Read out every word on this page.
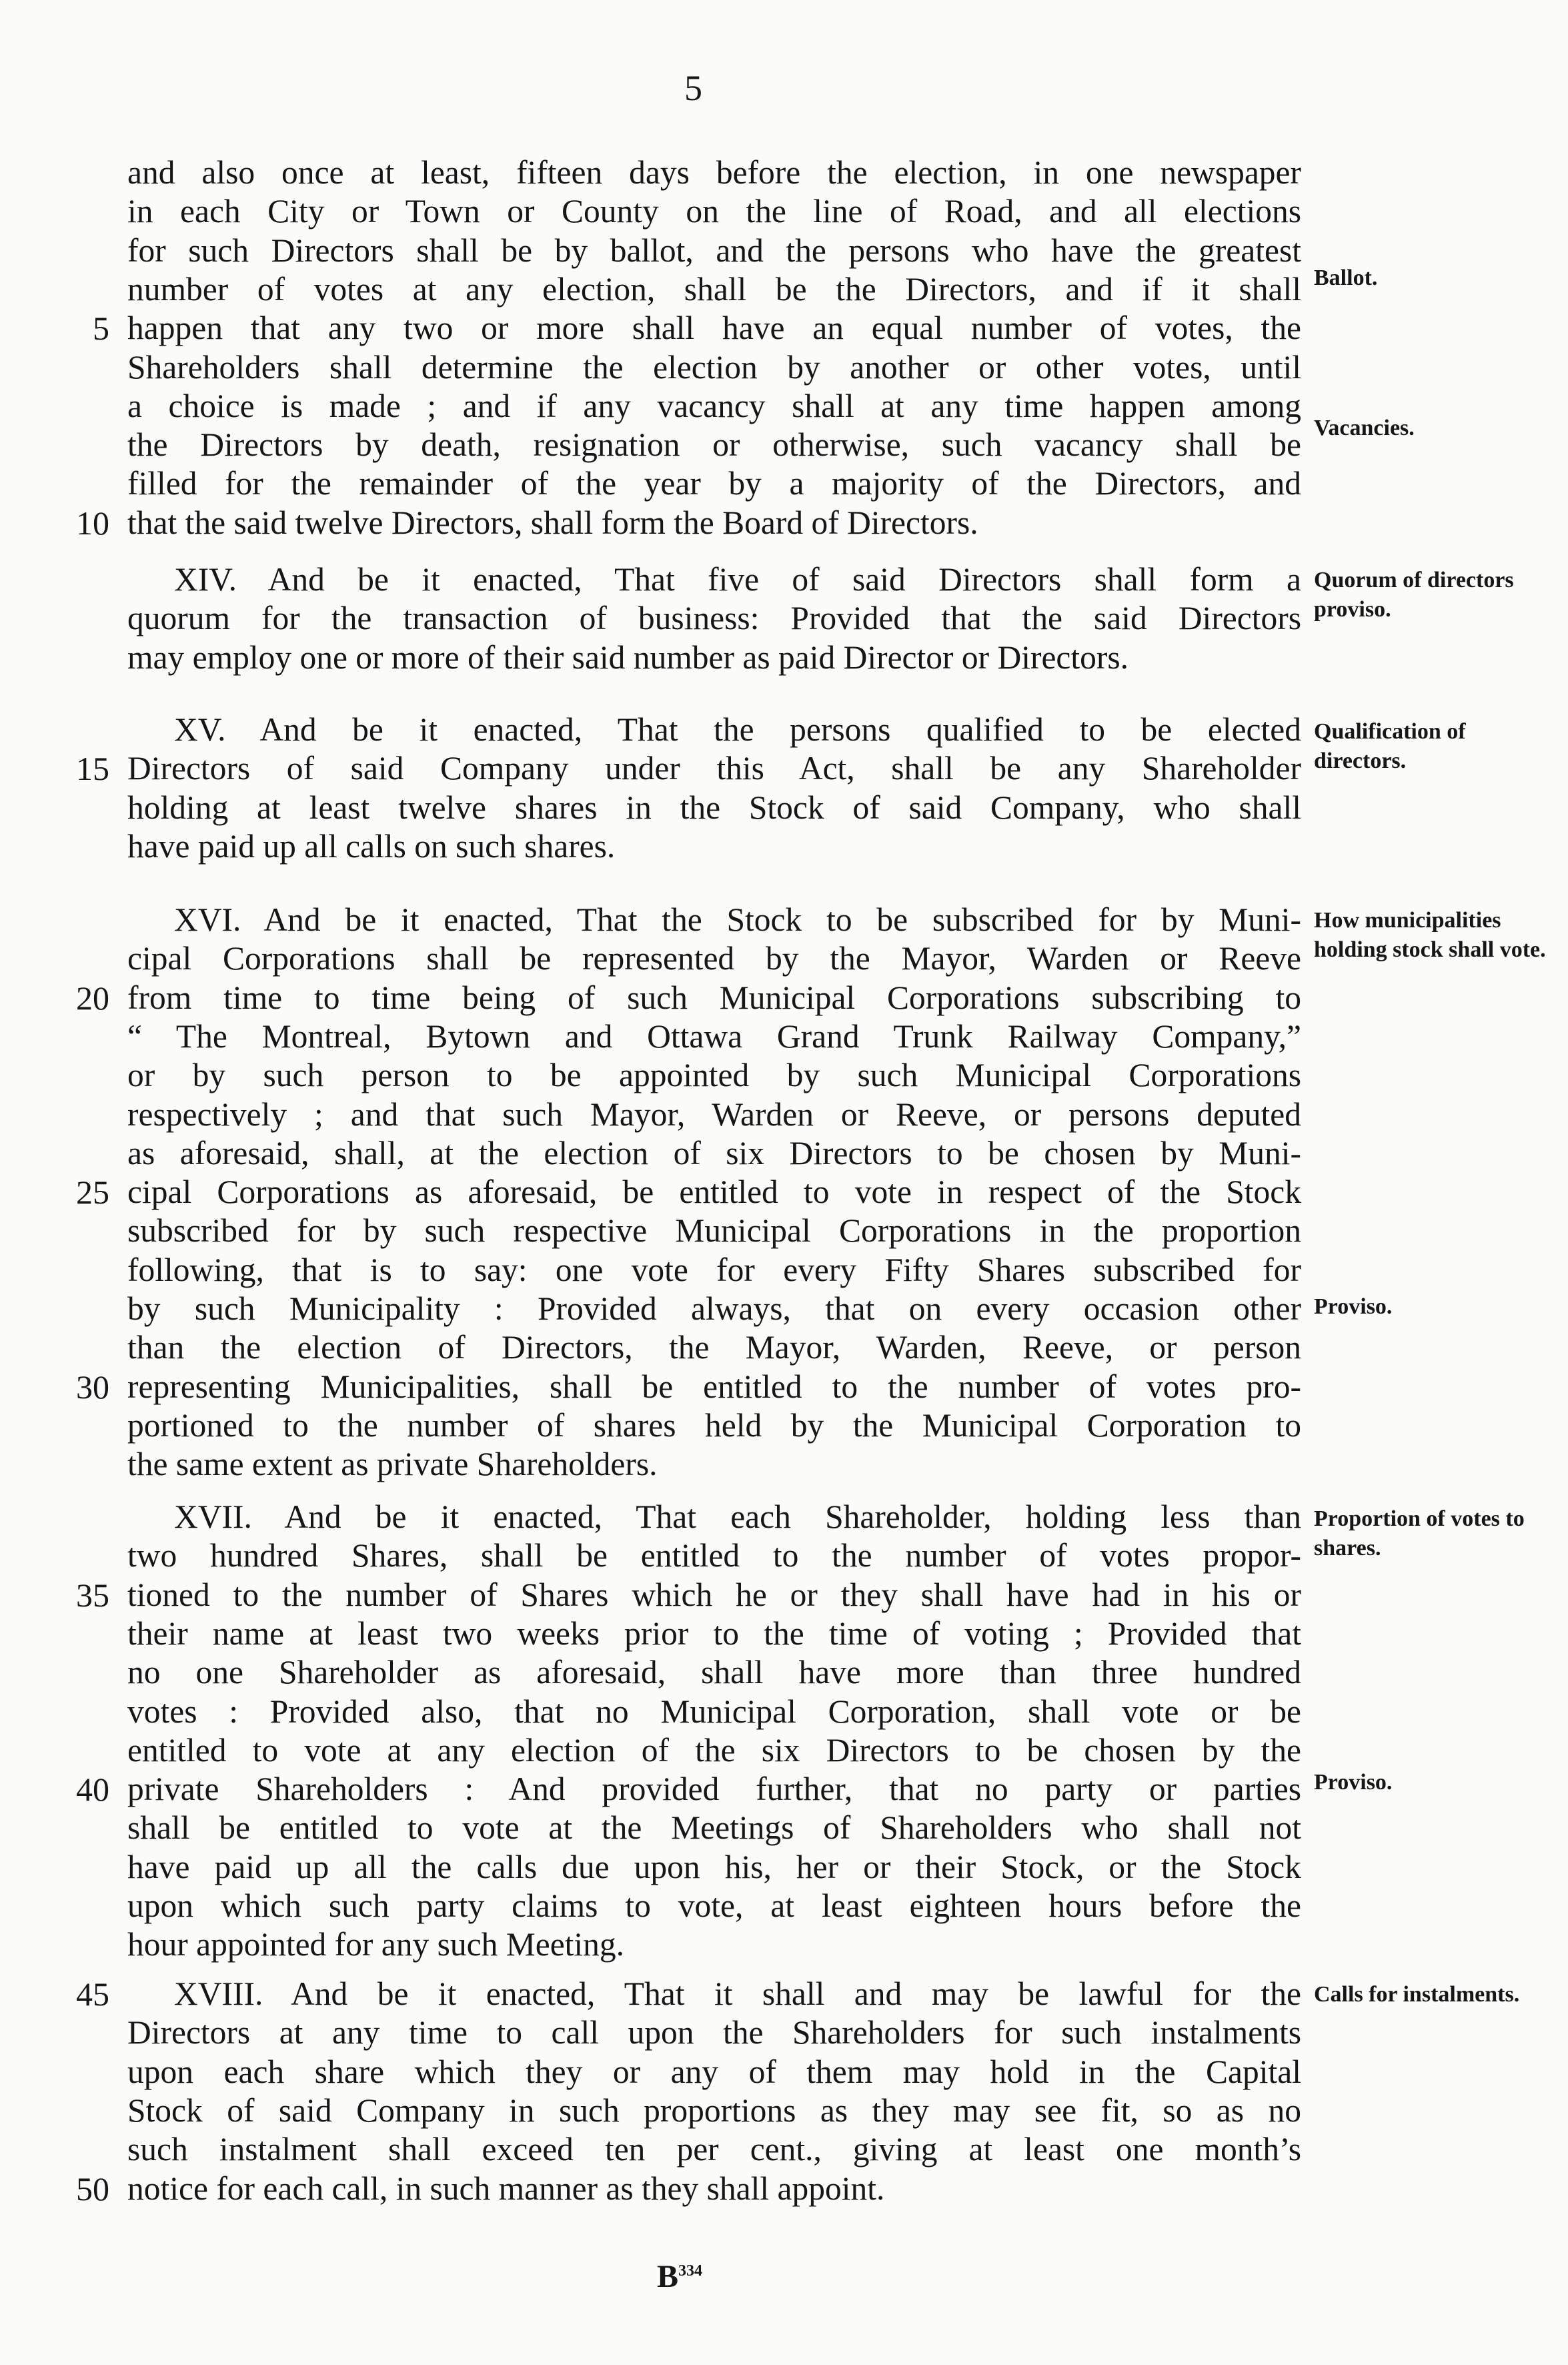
5
and also once at least, fifteen days before the election, in one newspaper
in each City or Town or County on the line of Road, and all elections
for such Directors shall be by ballot, and the persons who have the greatest
number of votes at any election, shall be the Directors, and if it shall
5 happen that any two or more shall have an equal number of votes, the
Shareholders shall determine the election by another or other votes, until
a choice is made ; and if any vacancy shall at any time happen among
the Directors by death, resignation or otherwise, such vacancy shall be
filled for the remainder of the year by a majority of the Directors, and
10 that the said twelve Directors, shall form the Board of Directors.
XIV. And be it enacted, That five of said Directors shall form a
quorum for the transaction of business: Provided that the said Directors
may employ one or more of their said number as paid Director or Directors.
XV. And be it enacted, That the persons qualified to be elected
15 Directors of said Company under this Act, shall be any Shareholder
holding at least twelve shares in the Stock of said Company, who shall
have paid up all calls on such shares.
XVI. And be it enacted, That the Stock to be subscribed for by Muni-
cipal Corporations shall be represented by the Mayor, Warden or Reeve
20 from time to time being of such Municipal Corporations subscribing to
“ The Montreal, Bytown and Ottawa Grand Trunk Railway Company,”
or by such person to be appointed by such Municipal Corporations
respectively ; and that such Mayor, Warden or Reeve, or persons deputed
as aforesaid, shall, at the election of six Directors to be chosen by Muni-
25 cipal Corporations as aforesaid, be entitled to vote in respect of the Stock
subscribed for by such respective Municipal Corporations in the proportion
following, that is to say: one vote for every Fifty Shares subscribed for
by such Municipality : Provided always, that on every occasion other
than the election of Directors, the Mayor, Warden, Reeve, or person
30 representing Municipalities, shall be entitled to the number of votes pro-
portioned to the number of shares held by the Municipal Corporation to
the same extent as private Shareholders.
XVII. And be it enacted, That each Shareholder, holding less than
two hundred Shares, shall be entitled to the number of votes propor-
35 tioned to the number of Shares which he or they shall have had in his or
their name at least two weeks prior to the time of voting ; Provided that
no one Shareholder as aforesaid, shall have more than three hundred
votes : Provided also, that no Municipal Corporation, shall vote or be
entitled to vote at any election of the six Directors to be chosen by the
40 private Shareholders : And provided further, that no party or parties
shall be entitled to vote at the Meetings of Shareholders who shall not
have paid up all the calls due upon his, her or their Stock, or the Stock
upon which such party claims to vote, at least eighteen hours before the
hour appointed for any such Meeting.
45 XVIII. And be it enacted, That it shall and may be lawful for the
Directors at any time to call upon the Shareholders for such instalments
upon each share which they or any of them may hold in the Capital
Stock of said Company in such proportions as they may see fit, so as no
such instalment shall exceed ten per cent., giving at least one month’s
50 notice for each call, in such manner as they shall appoint.
Ballot.
Vacancies.
Quorum of directors proviso.
Qualification of directors.
How municipalities holding stock shall vote.
Proviso.
Proportion of votes to shares.
Proviso.
Calls for instalments.
$B^{334}$
